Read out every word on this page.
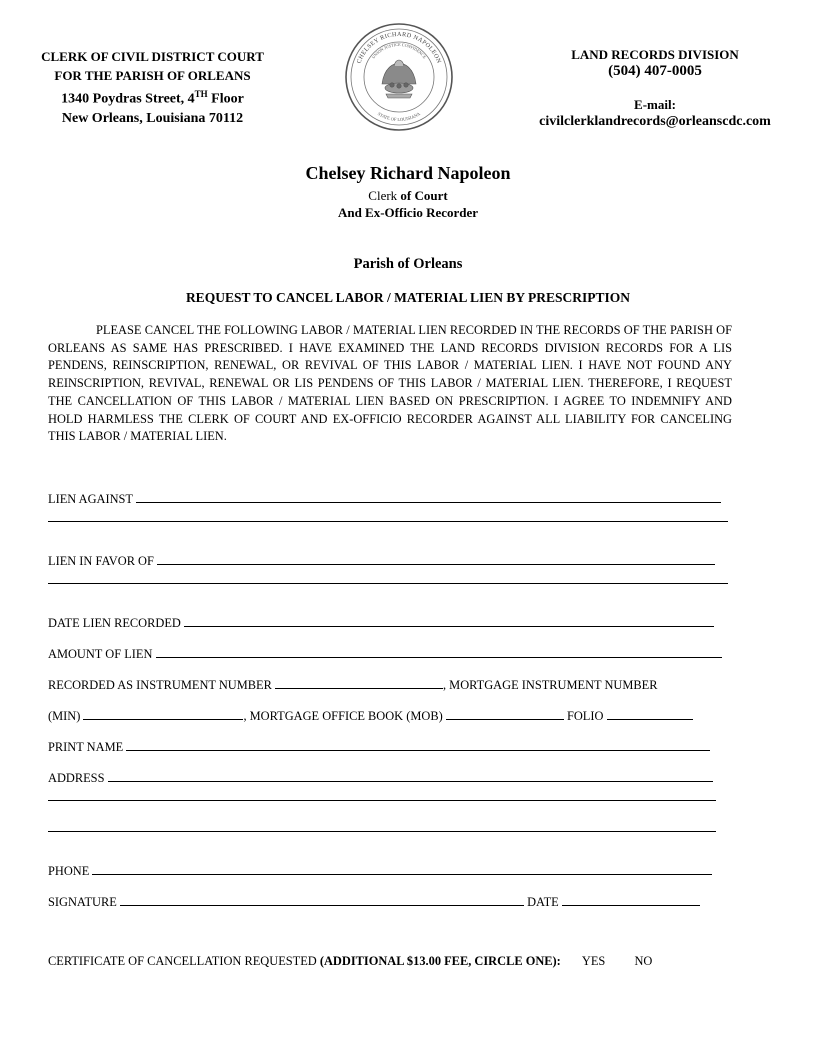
CLERK OF CIVIL DISTRICT COURT
FOR THE PARISH OF ORLEANS
1340 Poydras Street, 4TH Floor
New Orleans, Louisiana 70112
CHELSEY RICHARD NAPOLEON
UNION JUSTICE CONFIDENCE
STATE OF LOUISIANA
LAND RECORDS DIVISION
(504) 407-0005
E-mail:
civilclerklandrecords@orleanscdc.com
Chelsey Richard Napoleon
Clerk of Court
And Ex-Officio Recorder
Parish of Orleans
REQUEST TO CANCEL LABOR / MATERIAL LIEN BY PRESCRIPTION
PLEASE CANCEL THE FOLLOWING LABOR / MATERIAL LIEN RECORDED IN THE RECORDS OF THE PARISH OF ORLEANS AS SAME HAS PRESCRIBED. I HAVE EXAMINED THE LAND RECORDS DIVISION RECORDS FOR A LIS PENDENS, REINSCRIPTION, RENEWAL, OR REVIVAL OF THIS LABOR / MATERIAL LIEN. I HAVE NOT FOUND ANY REINSCRIPTION, REVIVAL, RENEWAL OR LIS PENDENS OF THIS LABOR / MATERIAL LIEN. THEREFORE, I REQUEST THE CANCELLATION OF THIS LABOR / MATERIAL LIEN BASED ON PRESCRIPTION. I AGREE TO INDEMNIFY AND HOLD HARMLESS THE CLERK OF COURT AND EX-OFFICIO RECORDER AGAINST ALL LIABILITY FOR CANCELING THIS LABOR / MATERIAL LIEN.
LIEN AGAINST
LIEN IN FAVOR OF
DATE LIEN RECORDED
AMOUNT OF LIEN
RECORDED AS INSTRUMENT NUMBER	, MORTGAGE INSTRUMENT NUMBER
(MIN)	, MORTGAGE OFFICE BOOK (MOB)	FOLIO
PRINT NAME
ADDRESS
PHONE
SIGNATURE	DATE
CERTIFICATE OF CANCELLATION REQUESTED (ADDITIONAL $13.00 FEE, CIRCLE ONE): YES NO
